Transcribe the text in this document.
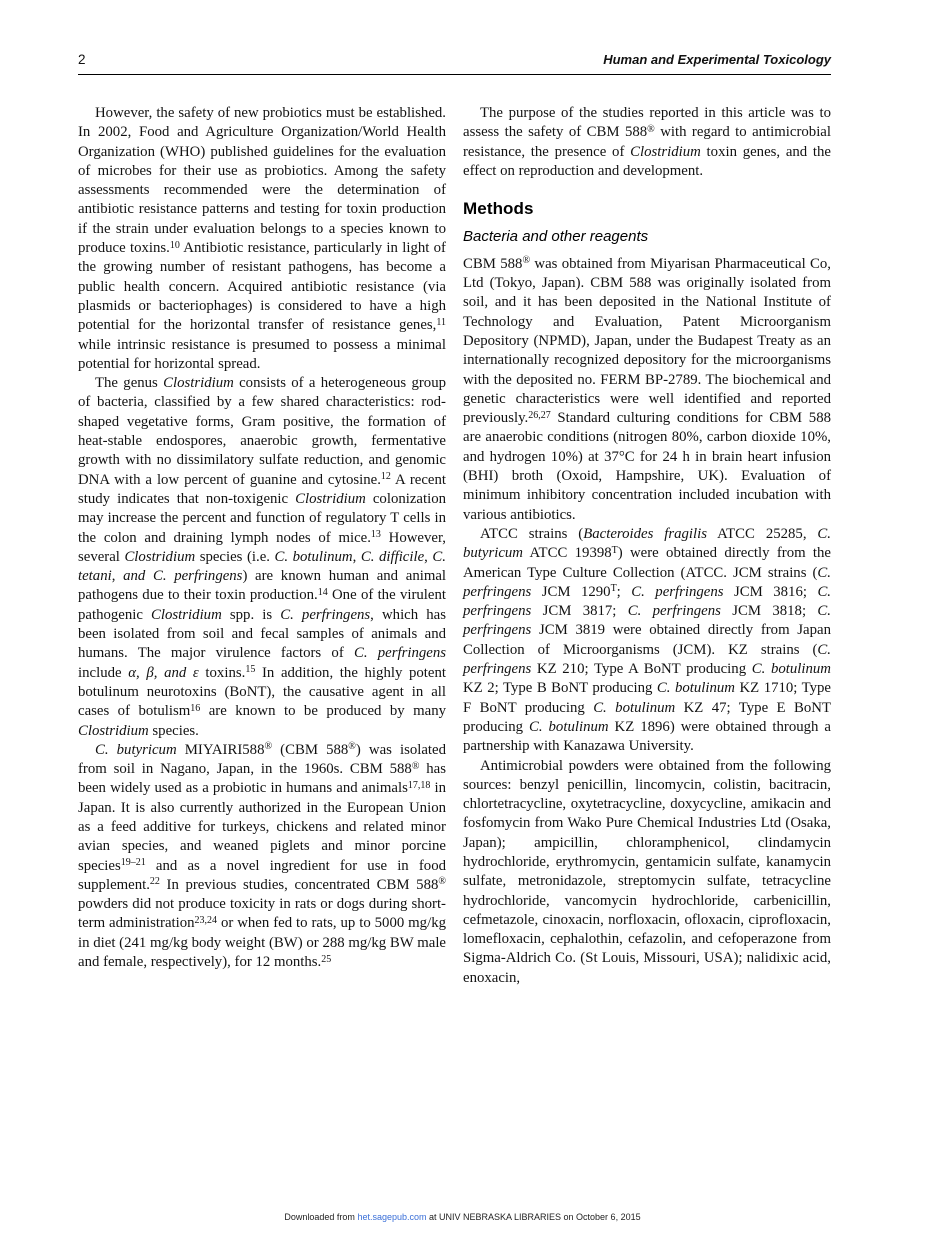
2	Human and Experimental Toxicology

However, the safety of new probiotics must be established. In 2002, Food and Agriculture Organization/World Health Organization (WHO) published guidelines for the evaluation of microbes for their use as probiotics. Among the safety assessments recommended were the determination of antibiotic resistance patterns and testing for toxin production if the strain under evaluation belongs to a species known to produce toxins.$^{10}$ Antibiotic resistance, particularly in light of the growing number of resistant pathogens, has become a public health concern. Acquired antibiotic resistance (via plasmids or bacteriophages) is considered to have a high potential for the horizontal transfer of resistance genes,$^{11}$ while intrinsic resistance is presumed to possess a minimal potential for horizontal spread.

The genus Clostridium consists of a heterogeneous group of bacteria, classified by a few shared characteristics: rod-shaped vegetative forms, Gram positive, the formation of heat-stable endospores, anaerobic growth, fermentative growth with no dissimilatory sulfate reduction, and genomic DNA with a low percent of guanine and cytosine.$^{12}$ A recent study indicates that non-toxigenic Clostridium colonization may increase the percent and function of regulatory T cells in the colon and draining lymph nodes of mice.$^{13}$ However, several Clostridium species (i.e. C. botulinum, C. difficile, C. tetani, and C. perfringens) are known human and animal pathogens due to their toxin production.$^{14}$ One of the virulent pathogenic Clostridium spp. is C. perfringens, which has been isolated from soil and fecal samples of animals and humans. The major virulence factors of C. perfringens include α, β, and ε toxins.$^{15}$ In addition, the highly potent botulinum neurotoxins (BoNT), the causative agent in all cases of botulism$^{16}$ are known to be produced by many Clostridium species.

C. butyricum MIYAIRI588® (CBM 588®) was isolated from soil in Nagano, Japan, in the 1960s. CBM 588® has been widely used as a probiotic in humans and animals$^{17,18}$ in Japan. It is also currently authorized in the European Union as a feed additive for turkeys, chickens and related minor avian species, and weaned piglets and minor porcine species$^{19-21}$ and as a novel ingredient for use in food supplement.$^{22}$ In previous studies, concentrated CBM 588® powders did not produce toxicity in rats or dogs during short-term administration$^{23,24}$ or when fed to rats, up to 5000 mg/kg in diet (241 mg/kg body weight (BW) or 288 mg/kg BW male and female, respectively), for 12 months.$^{25}$

The purpose of the studies reported in this article was to assess the safety of CBM 588® with regard to antimicrobial resistance, the presence of Clostridium toxin genes, and the effect on reproduction and development.

Methods
Bacteria and other reagents

CBM 588® was obtained from Miyarisan Pharmaceutical Co, Ltd (Tokyo, Japan). CBM 588 was originally isolated from soil, and it has been deposited in the National Institute of Technology and Evaluation, Patent Microorganism Depository (NPMD), Japan, under the Budapest Treaty as an internationally recognized depository for the microorganisms with the deposited no. FERM BP-2789. The biochemical and genetic characteristics were well identified and reported previously.$^{26,27}$ Standard culturing conditions for CBM 588 are anaerobic conditions (nitrogen 80%, carbon dioxide 10%, and hydrogen 10%) at 37°C for 24 h in brain heart infusion (BHI) broth (Oxoid, Hampshire, UK). Evaluation of minimum inhibitory concentration included incubation with various antibiotics.

ATCC strains (Bacteroides fragilis ATCC 25285, C. butyricum ATCC $19398^T$) were obtained directly from the American Type Culture Collection (ATCC. JCM strains (C. perfringens JCM $1290^T$; C. perfringens JCM 3816; C. perfringens JCM 3817; C. perfringens JCM 3818; C. perfringens JCM 3819 were obtained directly from Japan Collection of Microorganisms (JCM). KZ strains (C. perfringens KZ 210; Type A BoNT producing C. botulinum KZ 2; Type B BoNT producing C. botulinum KZ 1710; Type F BoNT producing C. botulinum KZ 47; Type E BoNT producing C. botulinum KZ 1896) were obtained through a partnership with Kanazawa University.

Antimicrobial powders were obtained from the following sources: benzyl penicillin, lincomycin, colistin, bacitracin, chlortetracycline, oxytetracycline, doxycycline, amikacin and fosfomycin from Wako Pure Chemical Industries Ltd (Osaka, Japan); ampicillin, chloramphenicol, clindamycin hydrochloride, erythromycin, gentamicin sulfate, kanamycin sulfate, metronidazole, streptomycin sulfate, tetracycline hydrochloride, vancomycin hydrochloride, carbenicillin, cefmetazole, cinoxacin, norfloxacin, ofloxacin, ciprofloxacin, lomefloxacin, cephalothin, cefazolin, and cefoperazone from Sigma-Aldrich Co. (St Louis, Missouri, USA); nalidixic acid, enoxacin,

Downloaded from het.sagepub.com at UNIV NEBRASKA LIBRARIES on October 6, 2015
